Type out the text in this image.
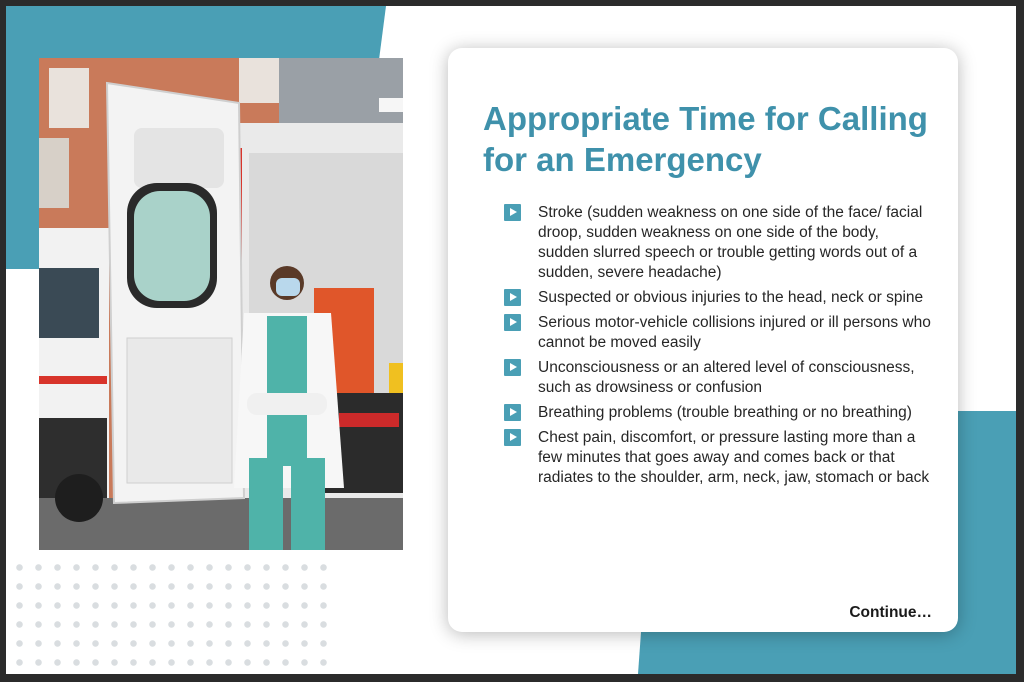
Appropriate Time for Calling for an Emergency
Stroke (sudden weakness on one side of the face/ facial droop, sudden weakness on one side of the body, sudden slurred speech or trouble getting words out of a sudden, severe headache)
Suspected or obvious injuries to the head, neck or spine
Serious motor-vehicle collisions injured or ill persons who cannot be moved easily
Unconsciousness or an altered level of consciousness, such as drowsiness or confusion
Breathing problems (trouble breathing or no breathing)
Chest pain, discomfort, or pressure lasting more than a few minutes that goes away and comes back or that radiates to the shoulder, arm, neck, jaw, stomach or back
Continue…
